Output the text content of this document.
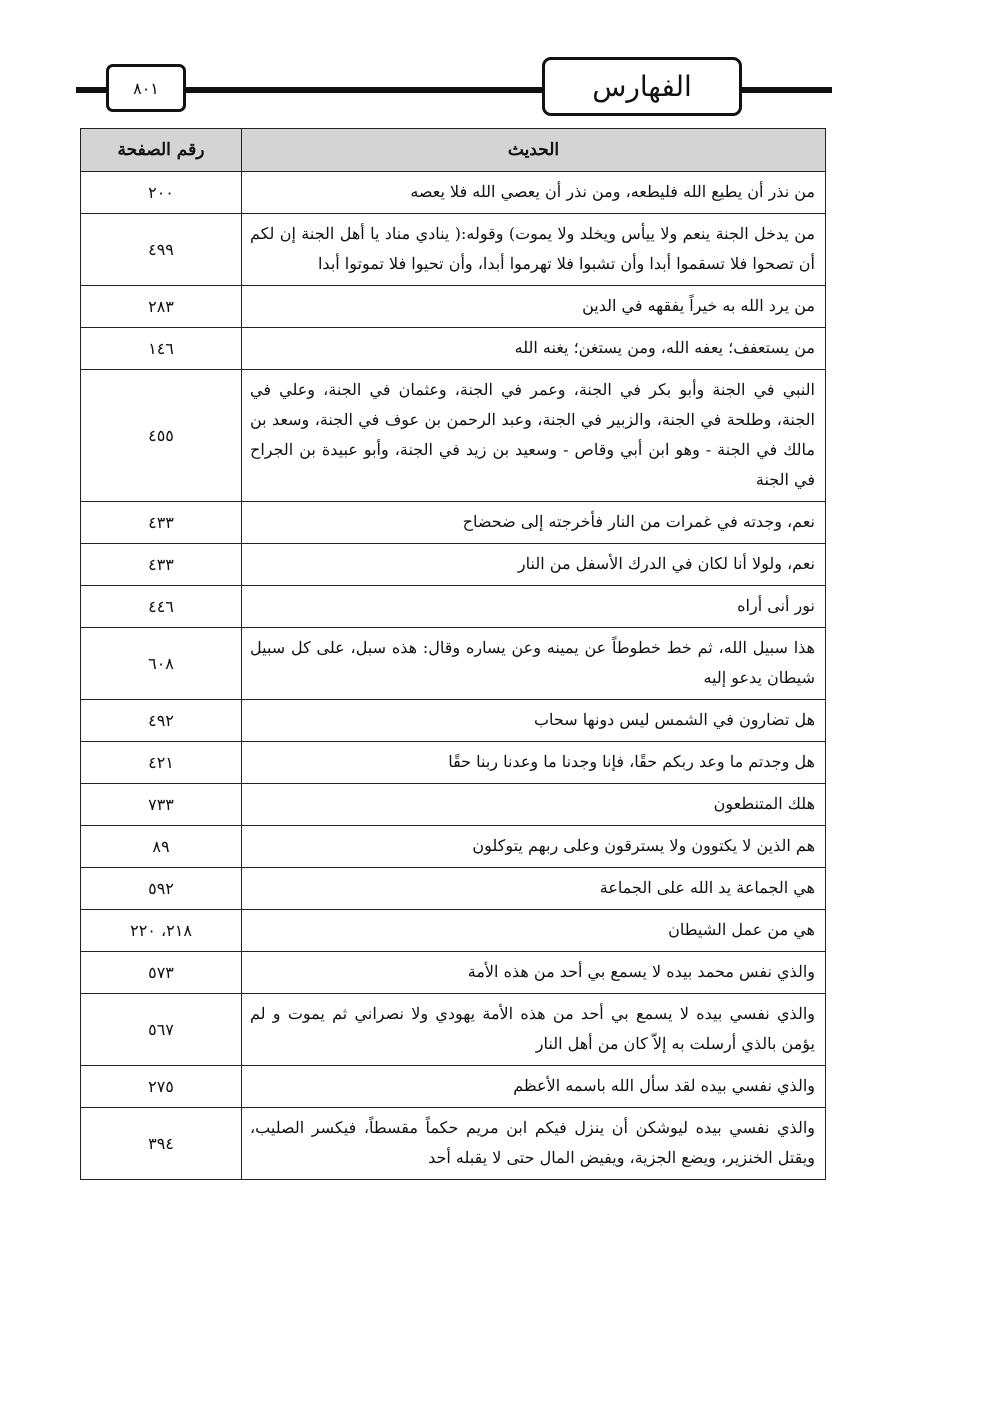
٨٠١	الفهارس
الحديث	رقم الصفحة
من نذر أن يطيع الله فليطعه، ومن نذر أن يعصي الله فلا يعصه	٢٠٠
من يدخل الجنة ينعم ولا ييأس ويخلد ولا يموت) وقوله:( ينادي مناد يا أهل الجنة إن لكم أن تصحوا فلا تسقموا أبدا وأن تشبوا فلا تهرموا أبدا، وأن تحيوا فلا تموتوا أبدا	٤٩٩
من يرد الله به خيراً يفقهه في الدين	٢٨٣
من يستعفف؛ يعفه الله، ومن يستغن؛ يغنه الله	١٤٦
النبي في الجنة وأبو بكر في الجنة، وعمر في الجنة، وعثمان في الجنة، وعلي في الجنة، وطلحة في الجنة، والزبير في الجنة، وعبد الرحمن بن عوف في الجنة، وسعد بن مالك في الجنة - وهو ابن أبي وقاص - وسعيد بن زيد في الجنة، وأبو عبيدة بن الجراح في الجنة	٤٥٥
نعم، وجدته في غمرات من النار فأخرجته إلى ضحضاح	٤٣٣
نعم، ولولا أنا لكان في الدرك الأسفل من النار	٤٣٣
نور أنى أراه	٤٤٦
هذا سبيل الله، ثم خط خطوطاً عن يمينه وعن يساره وقال: هذه سبل، على كل سبيل شيطان يدعو إليه	٦٠٨
هل تضارون في الشمس ليس دونها سحاب	٤٩٢
هل وجدتم ما وعد ربكم حقًا، فإنا وجدنا ما وعدنا ربنا حقًا	٤٢١
هلك المتنطعون	٧٣٣
هم الذين لا يكتوون ولا يسترقون وعلى ربهم يتوكلون	٨٩
هي الجماعة يد الله على الجماعة	٥٩٢
هي من عمل الشيطان	٢١٨، ٢٢٠
والذي نفس محمد بيده لا يسمع بي أحد من هذه الأمة	٥٧٣
والذي نفسي بيده لا يسمع بي أحد من هذه الأمة يهودي ولا نصراني ثم يموت و لم يؤمن بالذي أرسلت به إلاّ كان من أهل النار	٥٦٧
والذي نفسي بيده لقد سأل الله باسمه الأعظم	٢٧٥
والذي نفسي بيده ليوشكن أن ينزل فيكم ابن مريم حكماً مقسطاً، فيكسر الصليب، ويقتل الخنزير، ويضع الجزية، ويفيض المال حتى لا يقبله أحد	٣٩٤
